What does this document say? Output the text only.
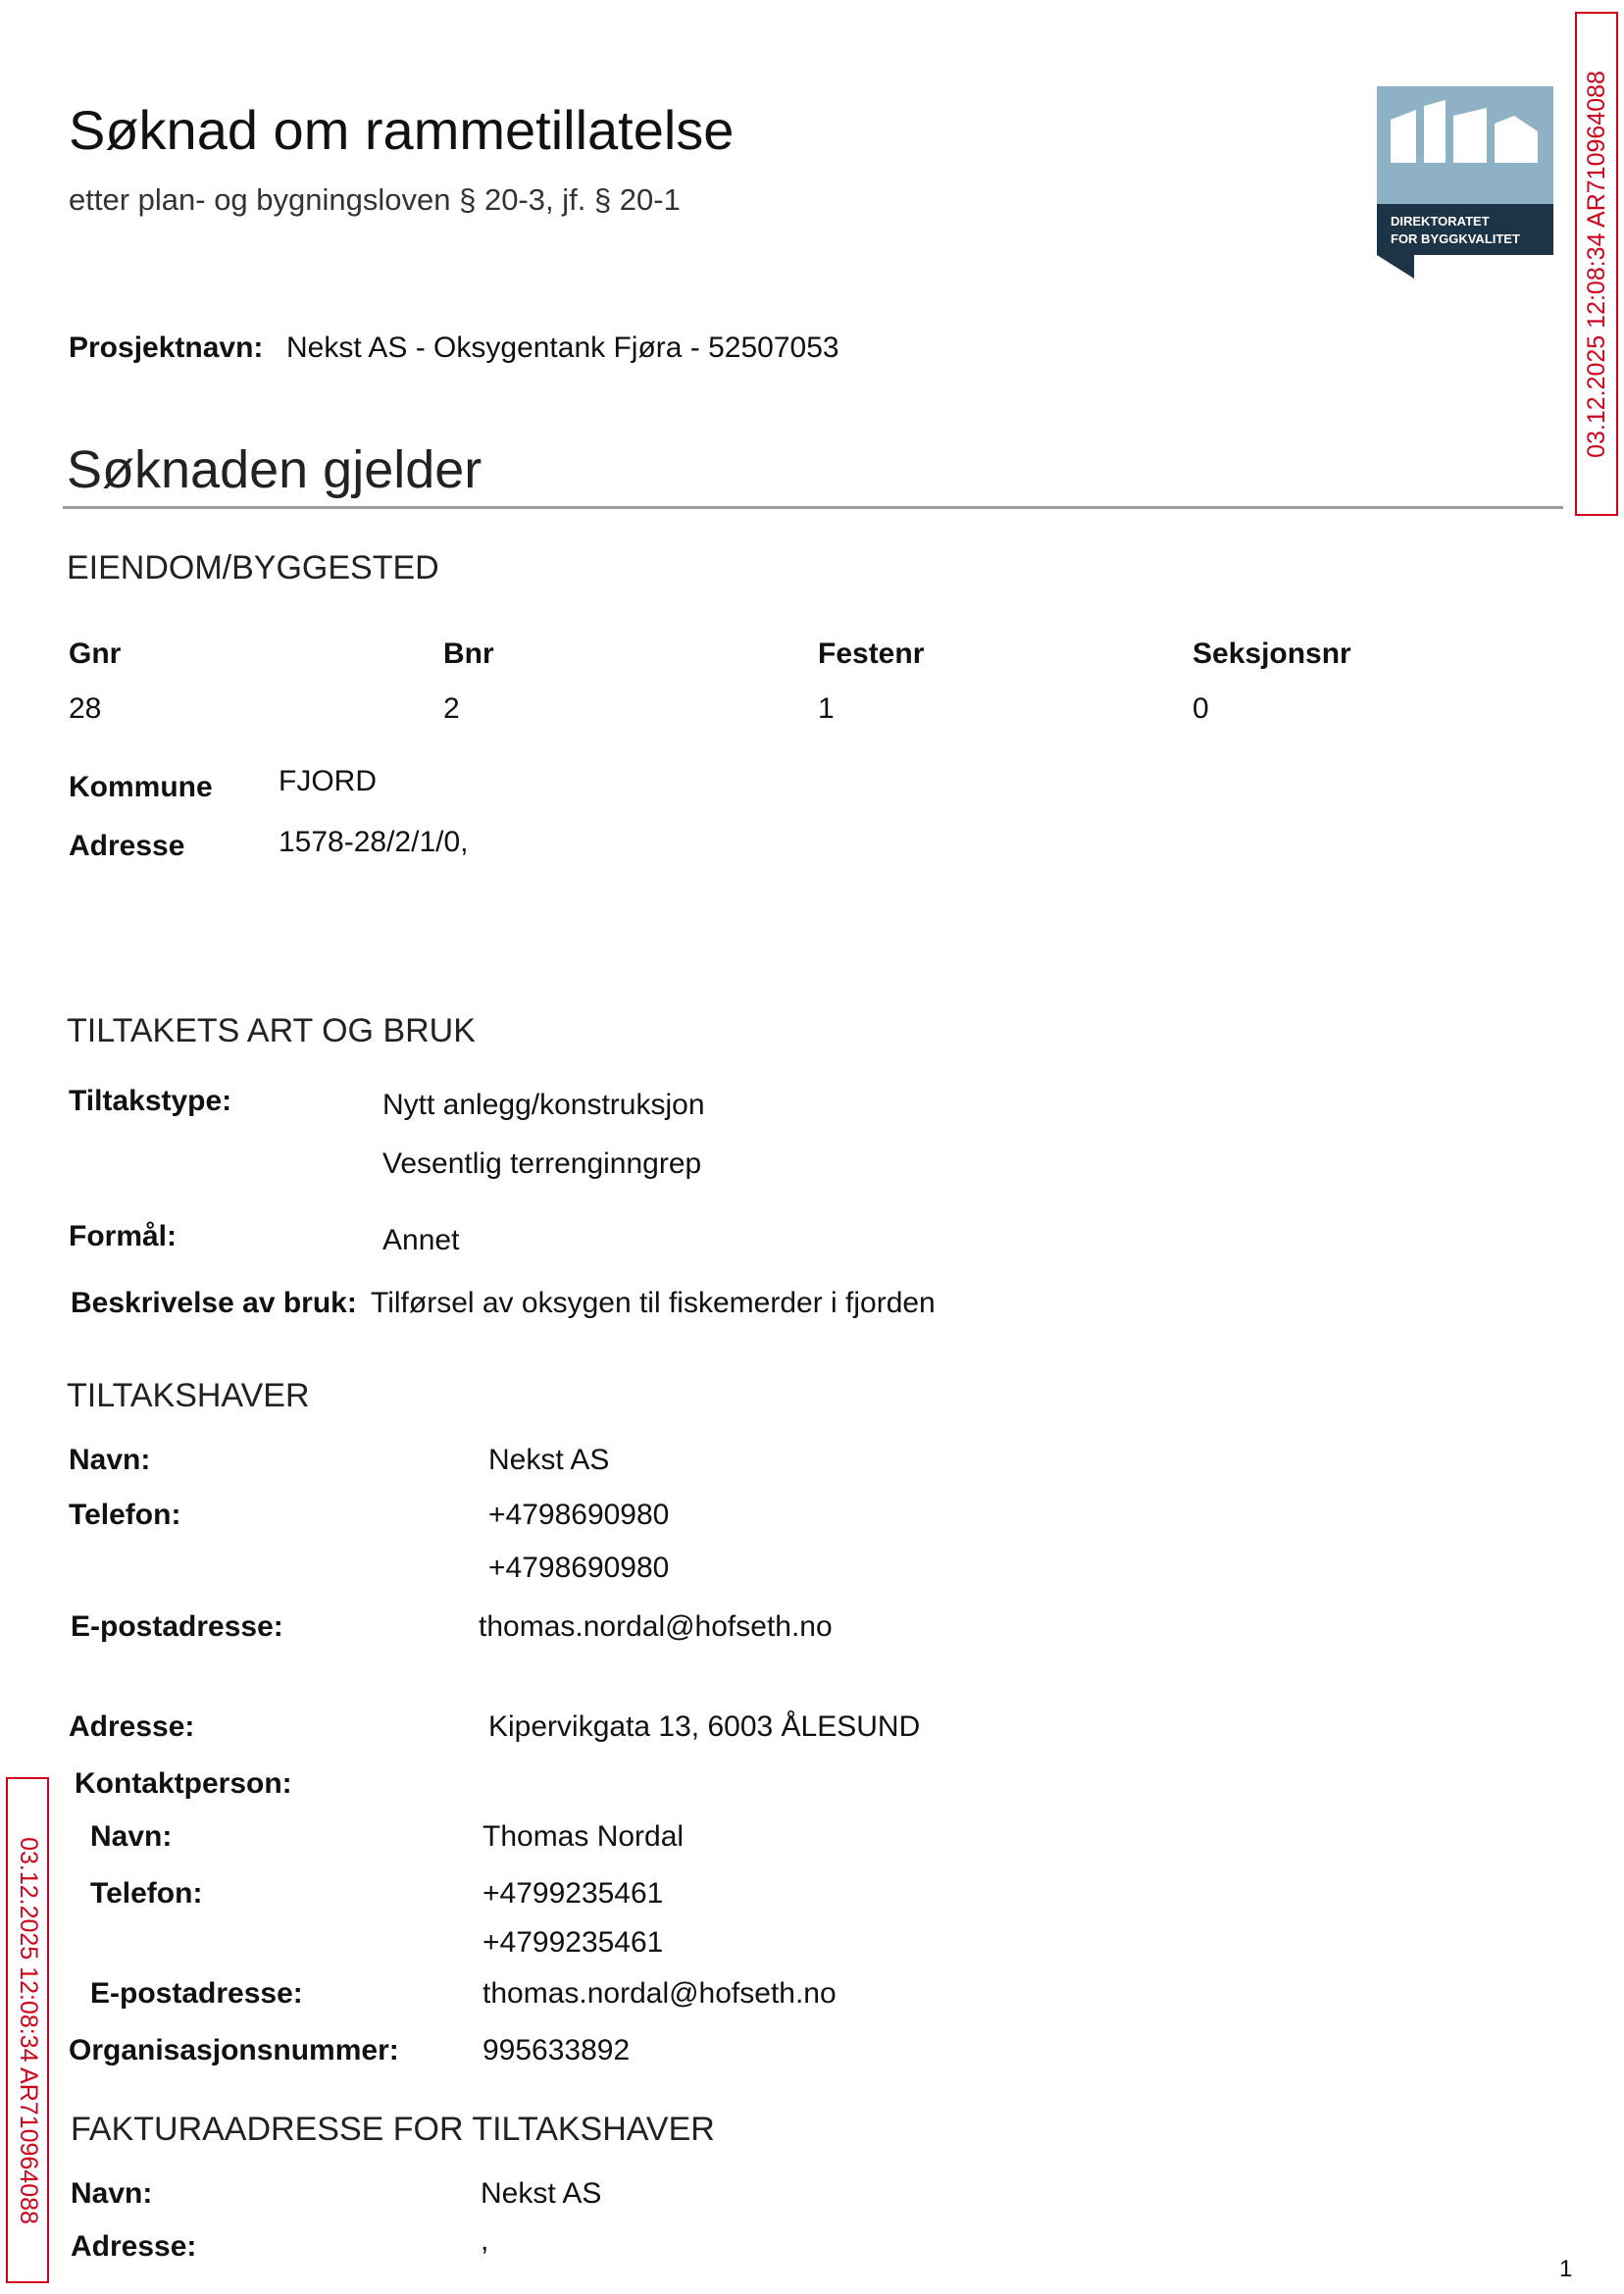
Søknad om rammetillatelse
etter plan- og bygningsloven § 20-3, jf. § 20-1
DIREKTORATET
FOR BYGGKVALITET
Prosjektnavn: Nekst AS - Oksygentank Fjøra - 52507053
Søknaden gjelder
EIENDOM/BYGGESTED
Gnr	Bnr	Festenr	Seksjonsnr
28	2	1	0
Kommune FJORD
Adresse	1578-28/2/1/0,
TILTAKETS ART OG BRUK
Tiltakstype:	Nytt anlegg/konstruksjon
Vesentlig terrenginngrep
Formål:	Annet
Beskrivelse av bruk: Tilførsel av oksygen til fiskemerder i fjorden
TILTAKSHAVER
Navn:	Nekst AS
Telefon:	+4798690980
+4798690980
E-postadresse:	thomas.nordal@hofseth.no
Adresse:	Kipervikgata 13, 6003 ÅLESUND
Kontaktperson:
Navn:	Thomas Nordal
Telefon:	+4799235461
+4799235461
E-postadresse:	thomas.nordal@hofseth.no
Organisasjonsnummer:	995633892
FAKTURAADRESSE FOR TILTAKSHAVER
Navn:	Nekst AS
Adresse:	,
03.12.2025 12:08:34 AR710964088
03.12.2025 12:08:34 AR710964088
1
